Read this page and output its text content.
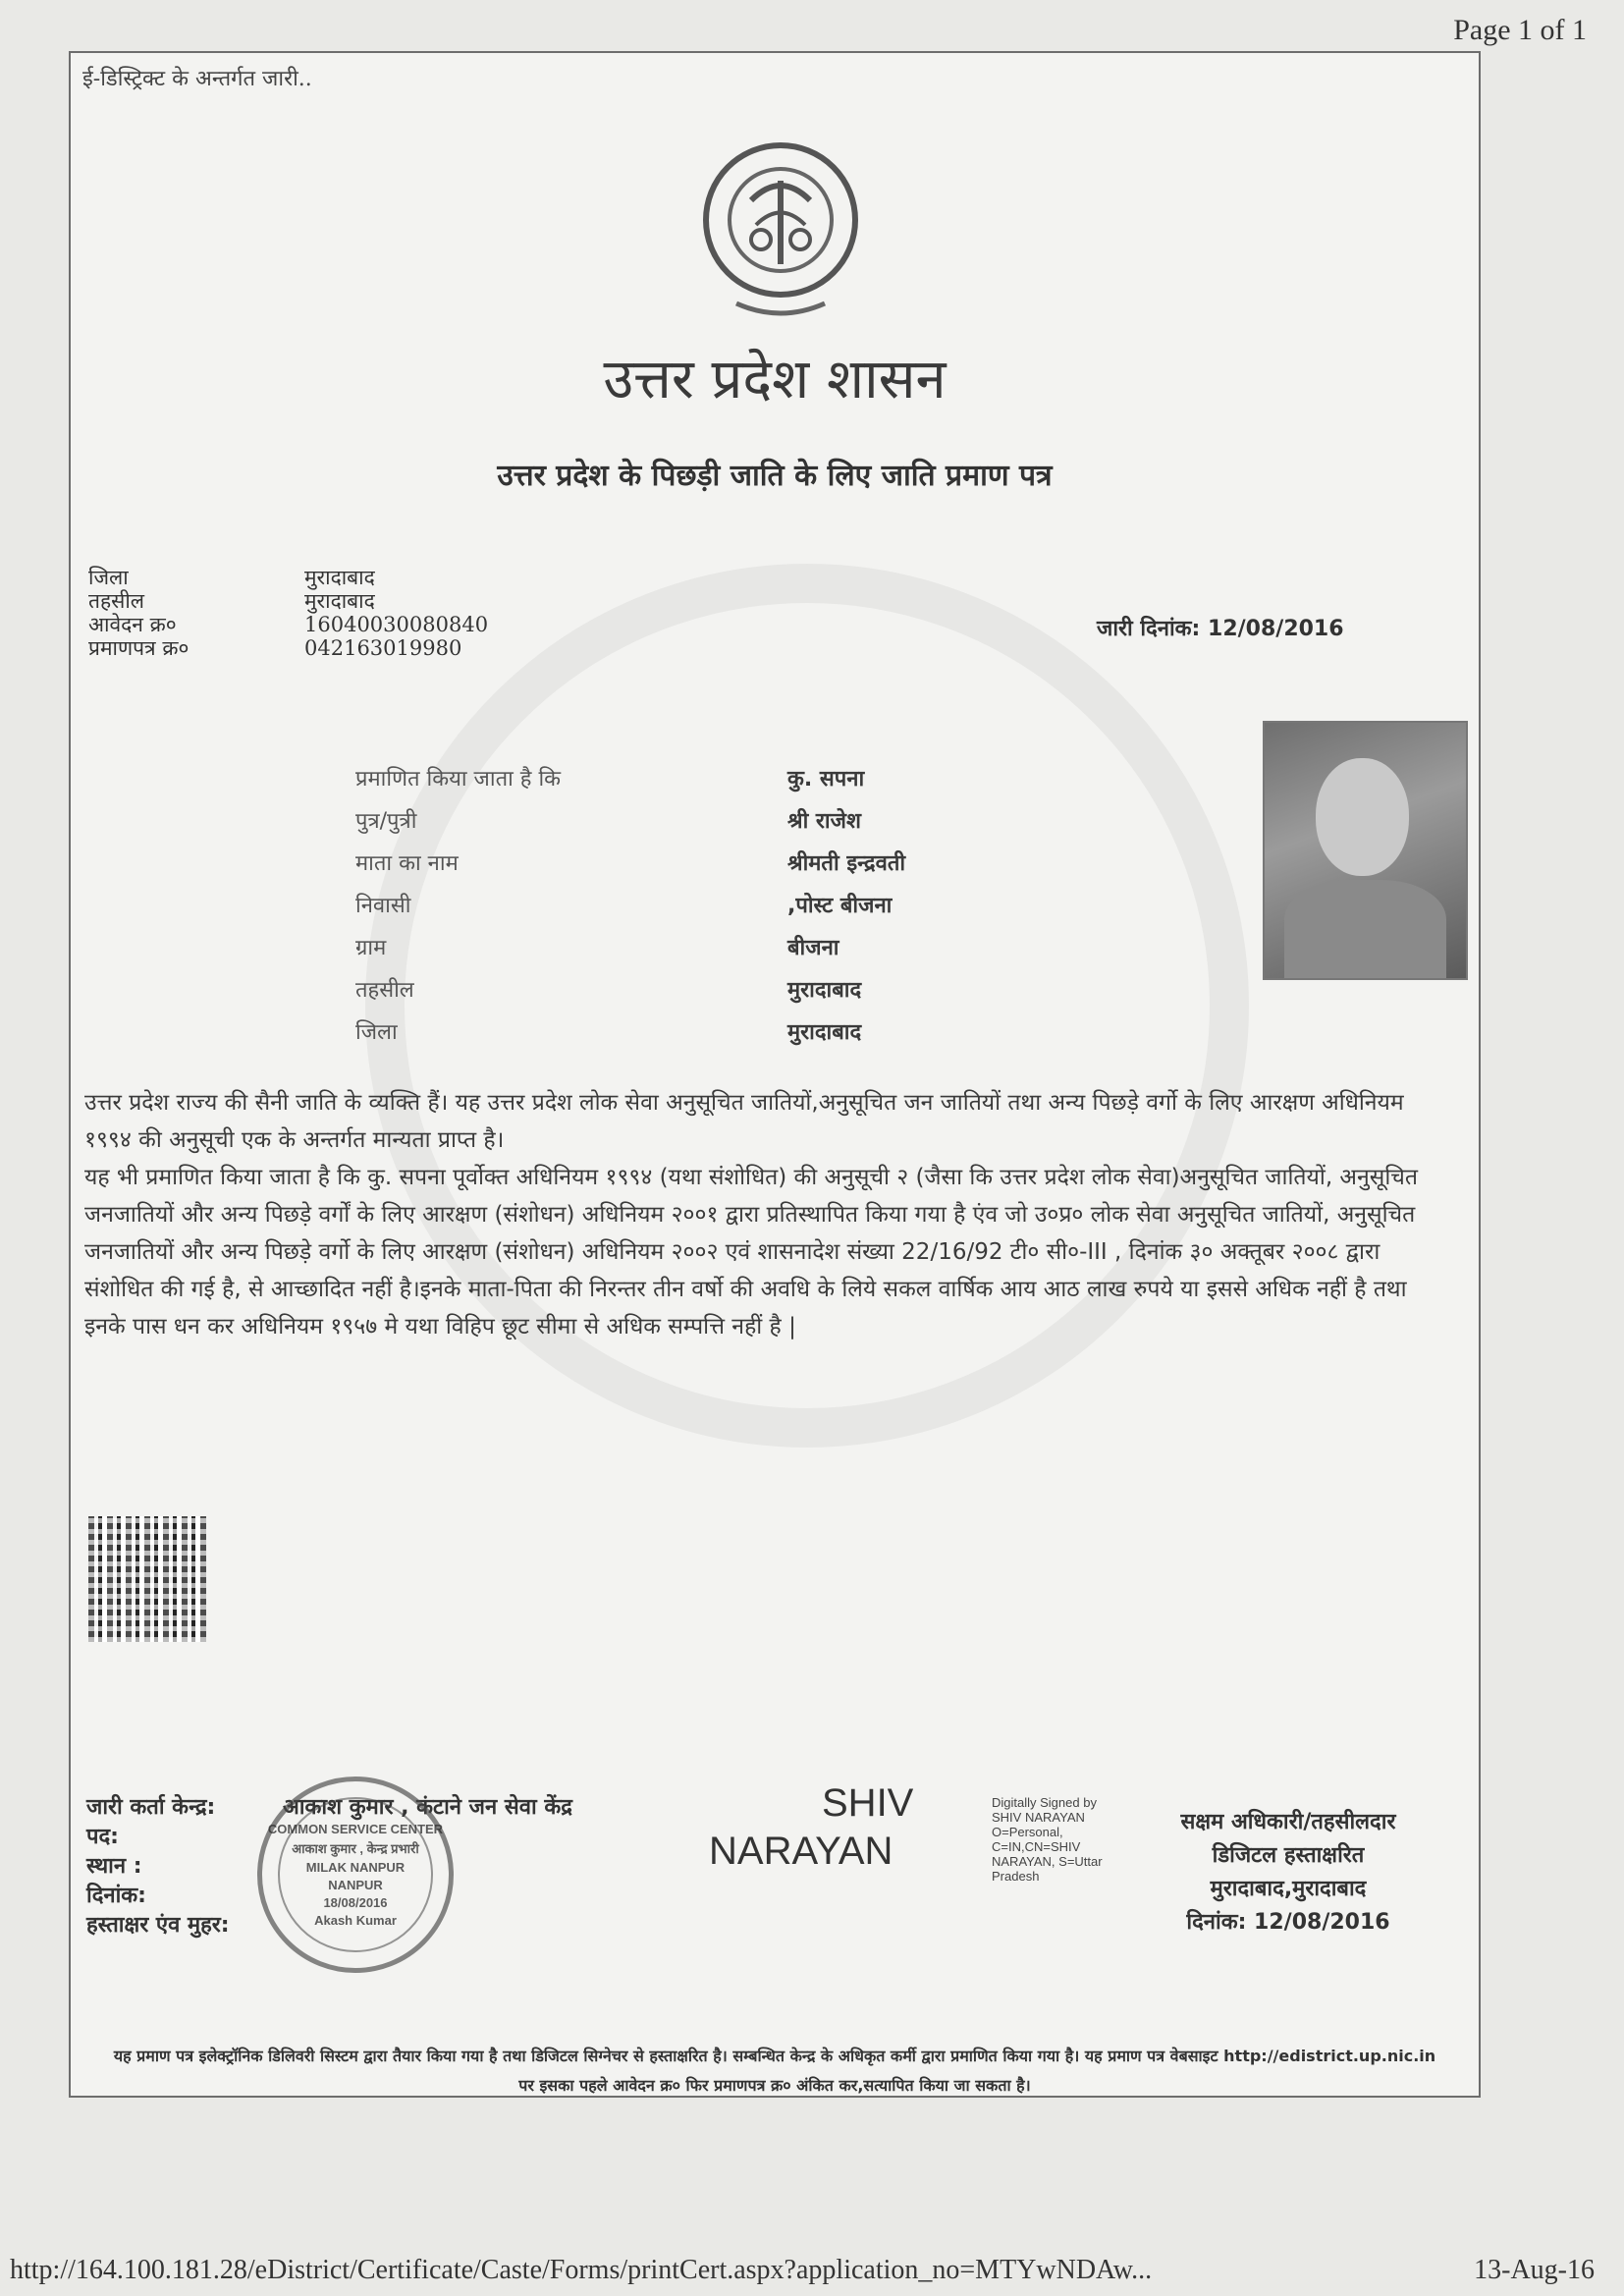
Page 1 of 1
ई-डिस्ट्रिक्ट के अन्तर्गत जारी..
उत्तर प्रदेश शासन
उत्तर प्रदेश के पिछड़ी जाति के लिए जाति प्रमाण पत्र
जिला	मुरादाबाद
तहसील	मुरादाबाद
आवेदन क्र०	16040030080840
प्रमाणपत्र क्र०	042163019980
जारी दिनांक: 12/08/2016
प्रमाणित किया जाता है कि	कु. सपना
पुत्र/पुत्री	श्री राजेश
माता का नाम	श्रीमती इन्द्रवती
निवासी	,पोस्ट बीजना
ग्राम	बीजना
तहसील	मुरादाबाद
जिला	मुरादाबाद
उत्तर प्रदेश राज्य की सैनी जाति के व्यक्ति हैं। यह उत्तर प्रदेश लोक सेवा अनुसूचित जातियों,अनुसूचित जन जातियों तथा अन्य पिछड़े वर्गो के लिए आरक्षण अधिनियम १९९४ की अनुसूची एक के अन्तर्गत मान्यता प्राप्त है।
यह भी प्रमाणित किया जाता है कि कु. सपना पूर्वोक्त अधिनियम १९९४ (यथा संशोधित) की अनुसूची २ (जैसा कि उत्तर प्रदेश लोक सेवा)अनुसूचित जातियों, अनुसूचित जनजातियों और अन्य पिछड़े वर्गों के लिए आरक्षण (संशोधन) अधिनियम २००१ द्वारा प्रतिस्थापित किया गया है एंव जो उ०प्र० लोक सेवा अनुसूचित जातियों, अनुसूचित जनजातियों और अन्य पिछड़े वर्गो के लिए आरक्षण (संशोधन) अधिनियम २००२ एवं शासनादेश संख्या 22/16/92 टी० सी०-III , दिनांक ३० अक्तूबर २००८ द्वारा संशोधित की गई है, से आच्छादित नहीं है।इनके माता-पिता की निरन्तर तीन वर्षो की अवधि के लिये सकल वार्षिक आय आठ लाख रुपये या इससे अधिक नहीं है तथा इनके पास धन कर अधिनियम १९५७ मे यथा विहिप छूट सीमा से अधिक सम्पत्ति नहीं है |
जारी कर्ता केन्द्र:	आकाश कुमार , कंटाने जन सेवा केंद्र
पद:
स्थान :
दिनांक:
हस्ताक्षर एंव मुहर:
COMMON SERVICE CENTER
आकाश कुमार , केन्द्र प्रभारी
MILAK NANPUR
NANPUR
18/08/2016
Akash Kumar
SHIV
NARAYAN
Digitally Signed by SHIV NARAYAN O=Personal, C=IN,CN=SHIV NARAYAN, S=Uttar Pradesh
सक्षम अधिकारी/तहसीलदार
डिजिटल हस्ताक्षरित
मुरादाबाद,मुरादाबाद
दिनांक: 12/08/2016
यह प्रमाण पत्र इलेक्ट्रॉनिक डिलिवरी सिस्टम द्वारा तैयार किया गया है तथा डिजिटल सिग्नेचर से हस्ताक्षरित है। सम्बन्धित केन्द्र के अधिकृत कर्मी द्वारा प्रमाणित किया गया है। यह प्रमाण पत्र वेबसाइट http://edistrict.up.nic.in पर इसका पहले आवेदन क्र० फिर प्रमाणपत्र क्र० अंकित कर,सत्यापित किया जा सकता है।
http://164.100.181.28/eDistrict/Certificate/Caste/Forms/printCert.aspx?application_no=MTYwNDAw...	13-Aug-16
